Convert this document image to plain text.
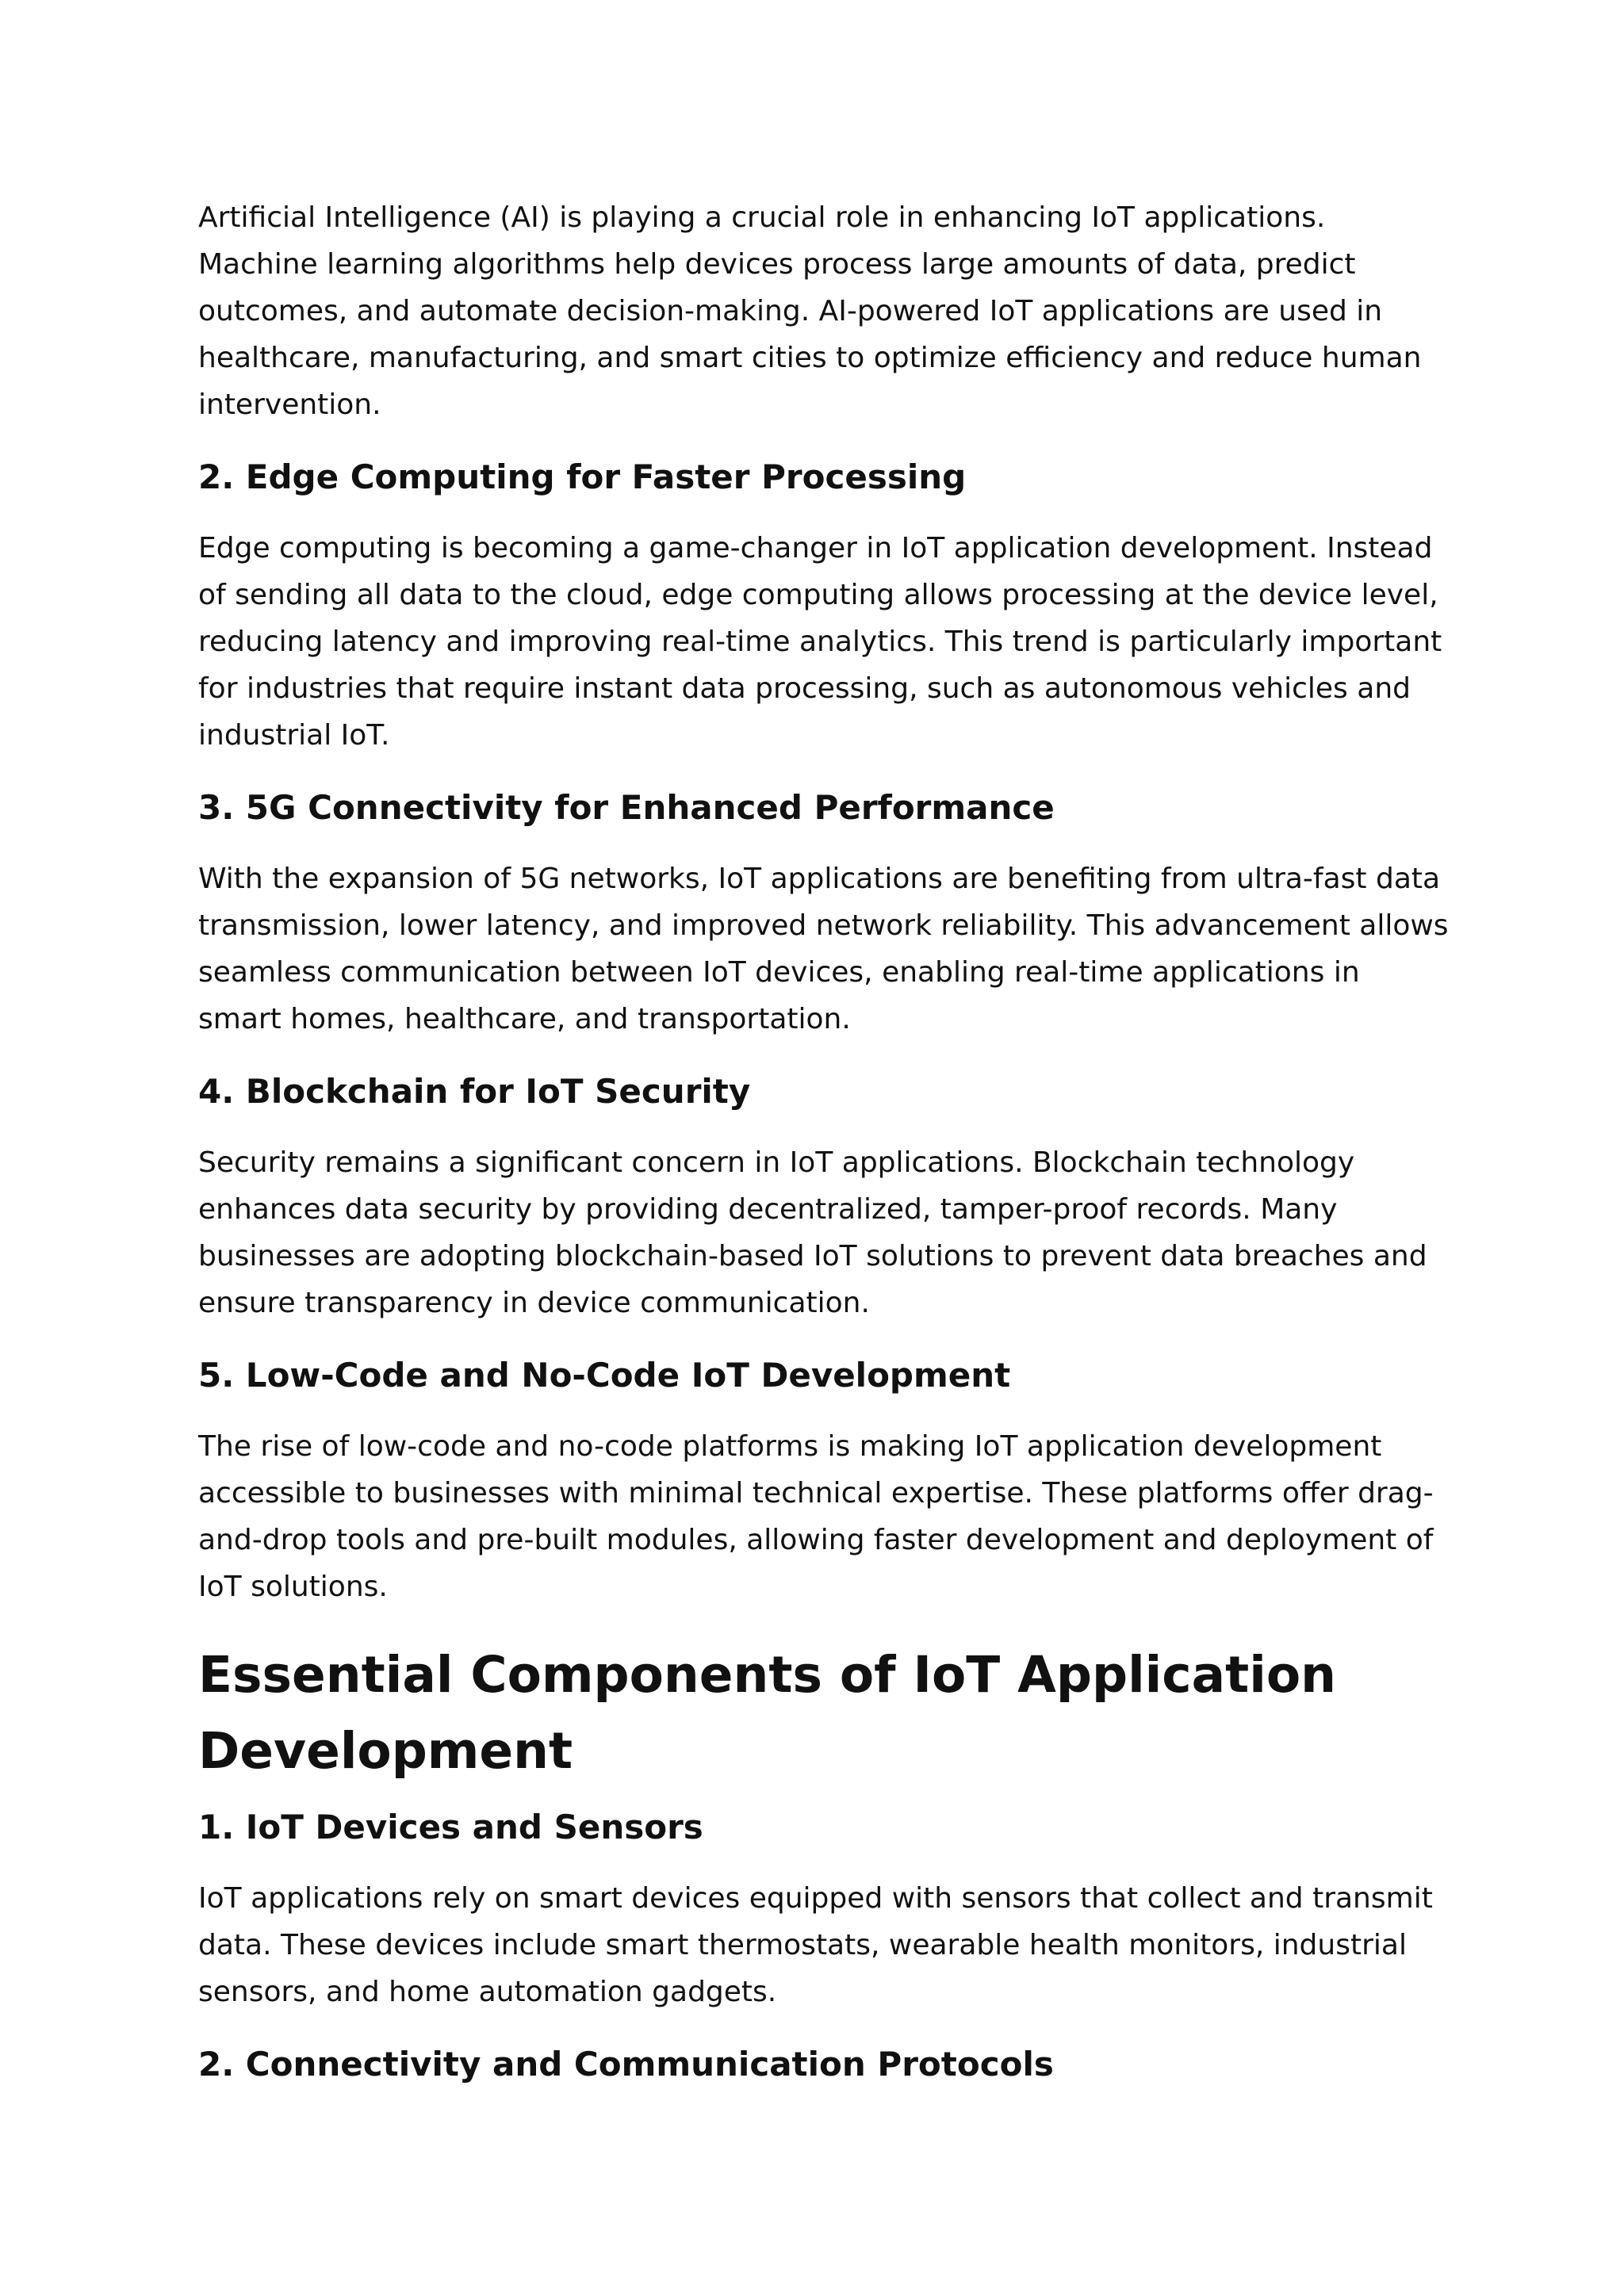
Artificial Intelligence (AI) is playing a crucial role in enhancing IoT applications. Machine learning algorithms help devices process large amounts of data, predict outcomes, and automate decision-making. AI-powered IoT applications are used in healthcare, manufacturing, and smart cities to optimize efficiency and reduce human intervention.

2. Edge Computing for Faster Processing

Edge computing is becoming a game-changer in IoT application development. Instead of sending all data to the cloud, edge computing allows processing at the device level, reducing latency and improving real-time analytics. This trend is particularly important for industries that require instant data processing, such as autonomous vehicles and industrial IoT.

3. 5G Connectivity for Enhanced Performance

With the expansion of 5G networks, IoT applications are benefiting from ultra-fast data transmission, lower latency, and improved network reliability. This advancement allows seamless communication between IoT devices, enabling real-time applications in smart homes, healthcare, and transportation.

4. Blockchain for IoT Security

Security remains a significant concern in IoT applications. Blockchain technology enhances data security by providing decentralized, tamper-proof records. Many businesses are adopting blockchain-based IoT solutions to prevent data breaches and ensure transparency in device communication.

5. Low-Code and No-Code IoT Development

The rise of low-code and no-code platforms is making IoT application development accessible to businesses with minimal technical expertise. These platforms offer drag-and-drop tools and pre-built modules, allowing faster development and deployment of IoT solutions.

Essential Components of IoT Application Development
1. IoT Devices and Sensors

IoT applications rely on smart devices equipped with sensors that collect and transmit data. These devices include smart thermostats, wearable health monitors, industrial sensors, and home automation gadgets.

2. Connectivity and Communication Protocols
